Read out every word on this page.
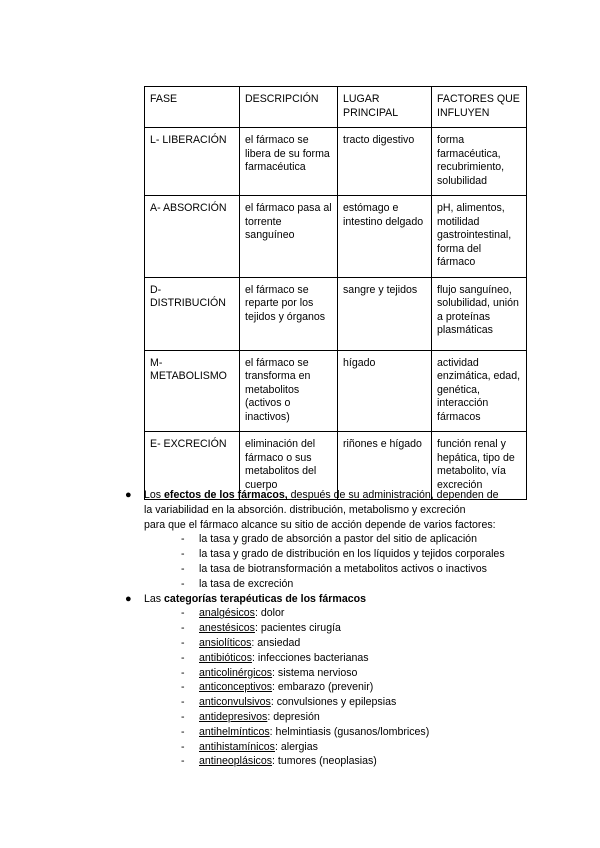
FASE	DESCRIPCIÓN	LUGAR PRINCIPAL	FACTORES QUE INFLUYEN
L- LIBERACIÓN	el fármaco se libera de su forma farmacéutica	tracto digestivo	forma farmacéutica, recubrimiento, solubilidad
A- ABSORCIÓN	el fármaco pasa al torrente sanguíneo	estómago e intestino delgado	pH, alimentos, motilidad gastrointestinal, forma del fármaco
D- DISTRIBUCIÓN	el fármaco se reparte por los tejidos y órganos	sangre y tejidos	flujo sanguíneo, solubilidad, unión a proteínas plasmáticas
M- METABOLISMO	el fármaco se transforma en metabolitos (activos o inactivos)	hígado	actividad enzimática, edad, genética, interacción fármacos
E- EXCRECIÓN	eliminación del fármaco o sus metabolitos del cuerpo	riñones e hígado	función renal y hepática, tipo de metabolito, vía excreción
● Los efectos de los fármacos, después de su administración, dependen de
la variabilidad en la absorción. distribución, metabolismo y excreción
para que el fármaco alcance su sitio de acción depende de varios factores:
- la tasa y grado de absorción a pastor del sitio de aplicación
- la tasa y grado de distribución en los líquidos y tejidos corporales
- la tasa de biotransformación a metabolitos activos o inactivos
- la tasa de excreción
● Las categorías terapéuticas de los fármacos
- analgésicos: dolor
- anestésicos: pacientes cirugía
- ansiolíticos: ansiedad
- antibióticos: infecciones bacterianas
- anticolinérgicos: sistema nervioso
- anticonceptivos: embarazo (prevenir)
- anticonvulsivos: convulsiones y epilepsias
- antidepresivos: depresión
- antihelmínticos: helmintiasis (gusanos/lombrices)
- antihistamínicos: alergias
- antineoplásicos: tumores (neoplasias)
